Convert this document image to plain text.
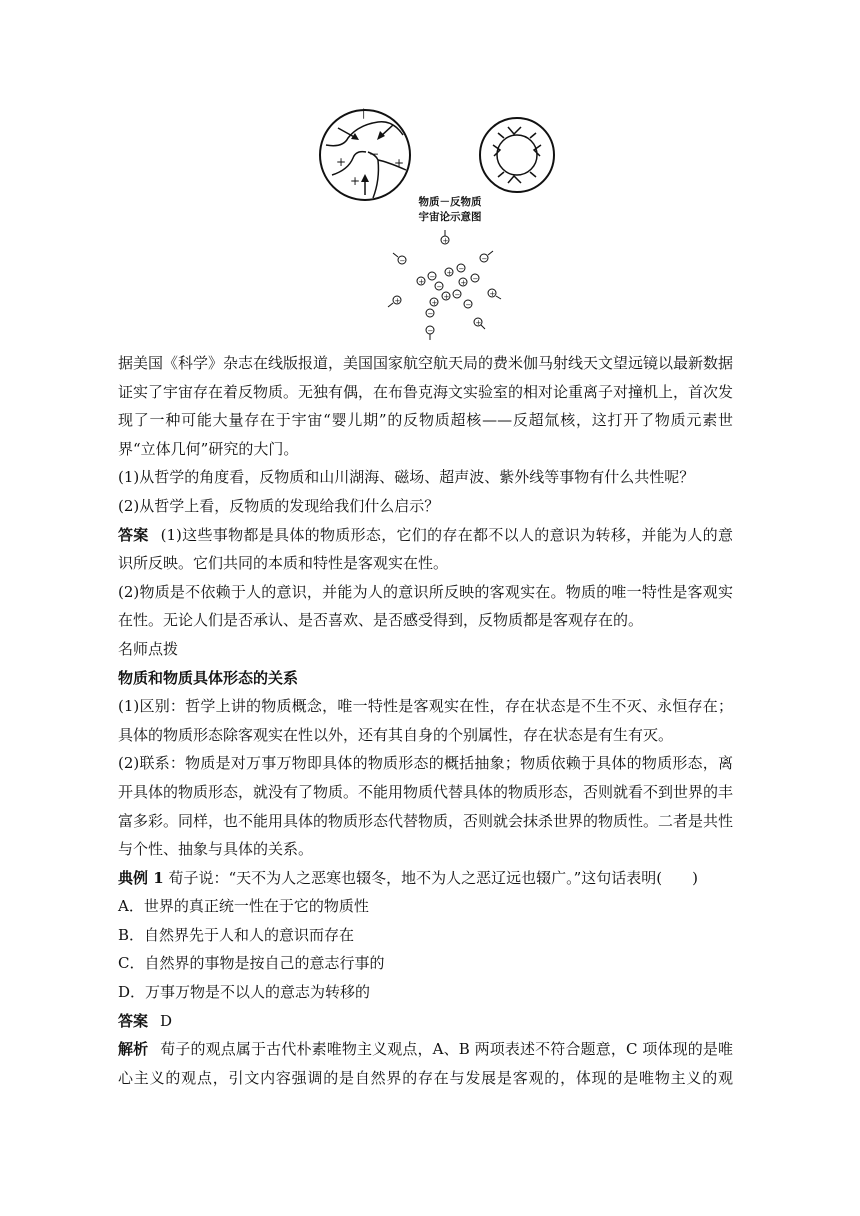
+
+
+
−
|
物质－反物质
宇宙论示意图
+
−	−
+
−
−
+ −
+ −
+ −
+	−
−
+
+
+
−

据美国《科学》杂志在线版报道，美国国家航空航天局的费米伽马射线天文望远镜以最新数据证实了宇宙存在着反物质。无独有偶，在布鲁克海文实验室的相对论重离子对撞机上，首次发现了一种可能大量存在于宇宙“婴儿期”的反物质超核——反超氚核，这打开了物质元素世界“立体几何”研究的大门。

(1)从哲学的角度看，反物质和山川湖海、磁场、超声波、紫外线等事物有什么共性呢？

(2)从哲学上看，反物质的发现给我们什么启示？

答案 (1)这些事物都是具体的物质形态，它们的存在都不以人的意识为转移，并能为人的意识所反映。它们共同的本质和特性是客观实在性。

(2)物质是不依赖于人的意识，并能为人的意识所反映的客观实在。物质的唯一特性是客观实在性。无论人们是否承认、是否喜欢、是否感受得到，反物质都是客观存在的。

名师点拨

物质和物质具体形态的关系

(1)区别：哲学上讲的物质概念，唯一特性是客观实在性，存在状态是不生不灭、永恒存在；具体的物质形态除客观实在性以外，还有其自身的个别属性，存在状态是有生有灭。

(2)联系：物质是对万事万物即具体的物质形态的概括抽象；物质依赖于具体的物质形态，离开具体的物质形态，就没有了物质。不能用物质代替具体的物质形态，否则就看不到世界的丰富多彩。同样，也不能用具体的物质形态代替物质，否则就会抹杀世界的物质性。二者是共性与个性、抽象与具体的关系。

典例 1 荀子说：“天不为人之恶寒也辍冬，地不为人之恶辽远也辍广。”这句话表明(　　)

A．世界的真正统一性在于它的物质性

B．自然界先于人和人的意识而存在

C．自然界的事物是按自己的意志行事的

D．万事万物是不以人的意志为转移的

答案 D

解析 荀子的观点属于古代朴素唯物主义观点，A、B 两项表述不符合题意，C 项体现的是唯心主义的观点，引文内容强调的是自然界的存在与发展是客观的，体现的是唯物主义的观
